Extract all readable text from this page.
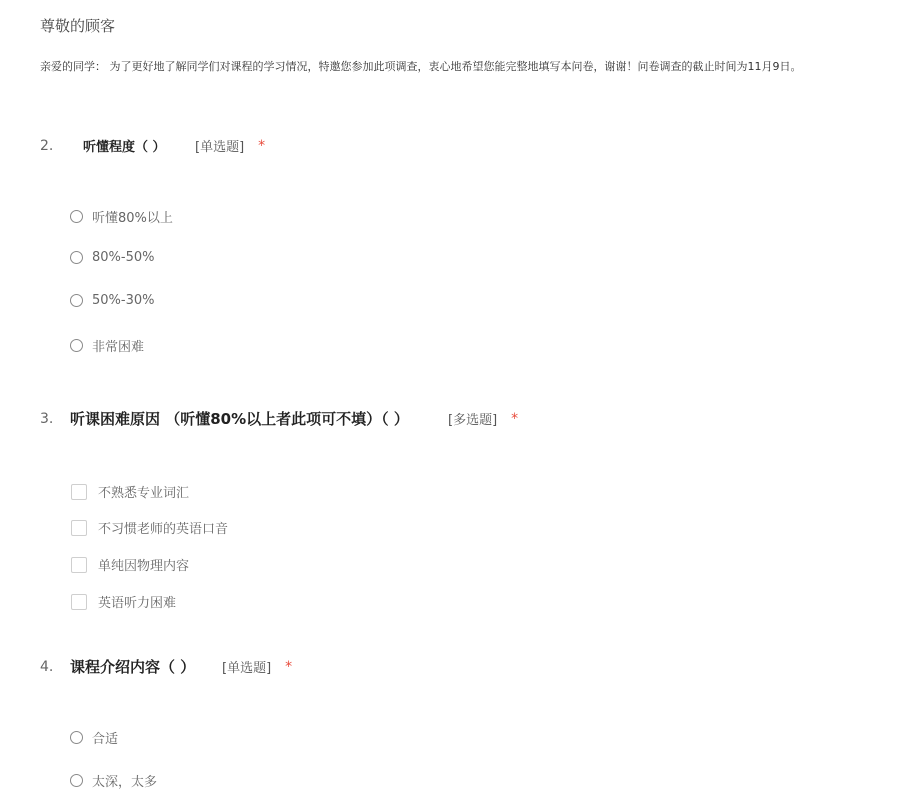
尊敬的顾客
亲爱的同学： 为了更好地了解同学们对课程的学习情况，特邀您参加此项调查，衷心地希望您能完整地填写本问卷，谢谢！问卷调查的截止时间为11月9日。
2.	听懂程度（ ）	[单选题] *
听懂80%以上
80%-50%
50%-30%
非常困难
3.	听课困难原因 （听懂80%以上者此项可不填）（ ）	[多选题] *
不熟悉专业词汇
不习惯老师的英语口音
单纯因物理内容
英语听力困难
4.	课程介绍内容（ ）	[单选题] *
合适
太深，太多
